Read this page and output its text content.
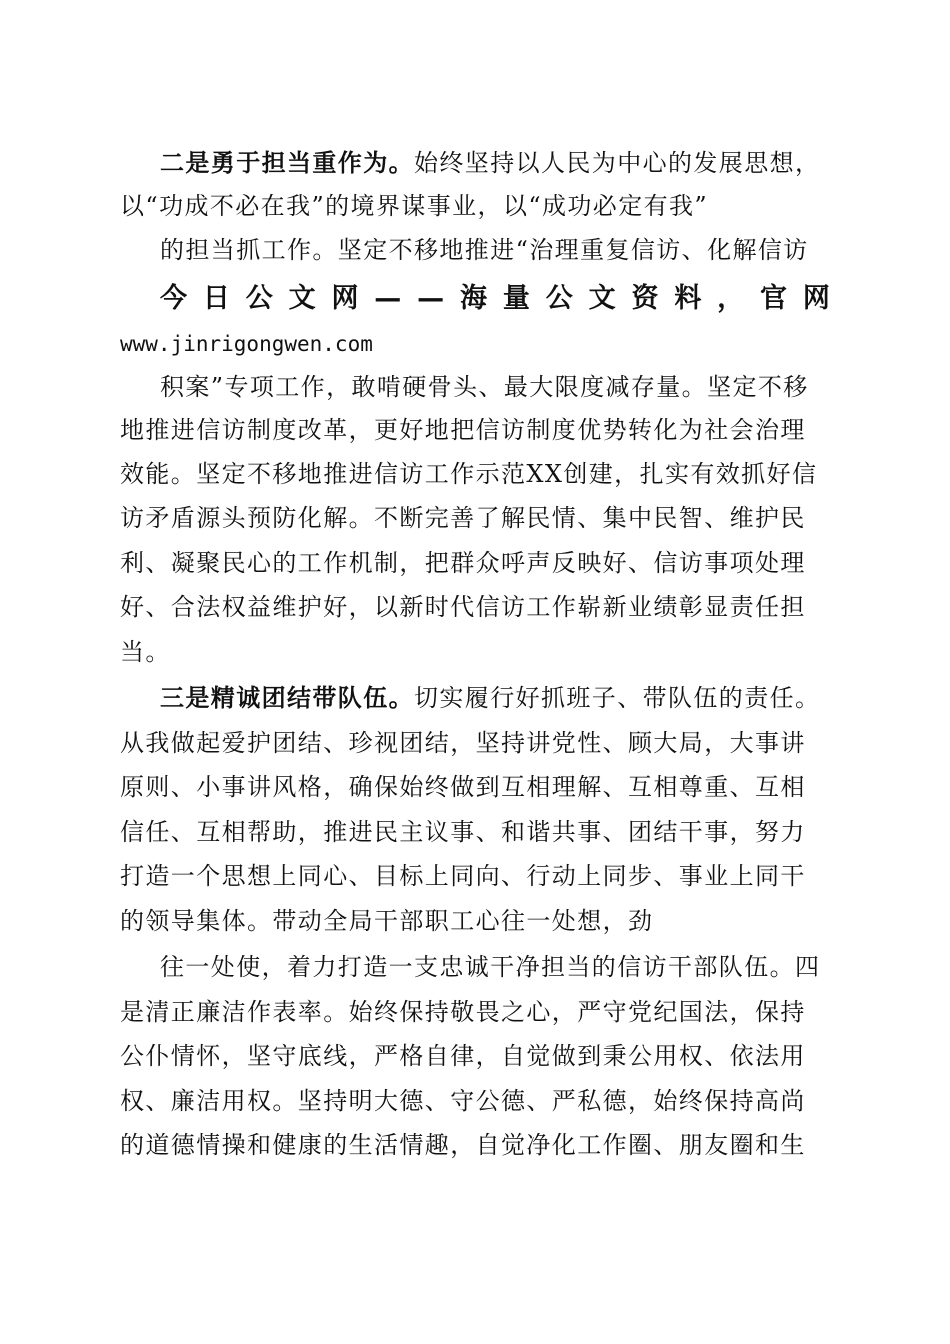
二是勇于担当重作为。始终坚持以人民为中心的发展思想，
以“功成不必在我”的境界谋事业，以“成功必定有我”
的担当抓工作。坚定不移地推进“治理重复信访、化解信访
今 日 公 文 网 — — 海 量 公 文 资 料 ， 官 网
www.jinrigongwen.com
积案”专项工作，敢啃硬骨头、最大限度减存量。坚定不移
地推进信访制度改革，更好地把信访制度优势转化为社会治理
效能。坚定不移地推进信访工作示范XX创建，扎实有效抓好信
访矛盾源头预防化解。不断完善了解民情、集中民智、维护民
利、凝聚民心的工作机制，把群众呼声反映好、信访事项处理
好、合法权益维护好，以新时代信访工作崭新业绩彰显责任担
当。
三是精诚团结带队伍。切实履行好抓班子、带队伍的责任。
从我做起爱护团结、珍视团结，坚持讲党性、顾大局，大事讲
原则、小事讲风格，确保始终做到互相理解、互相尊重、互相
信任、互相帮助，推进民主议事、和谐共事、团结干事，努力
打造一个思想上同心、目标上同向、行动上同步、事业上同干
的领导集体。带动全局干部职工心往一处想，劲
往一处使，着力打造一支忠诚干净担当的信访干部队伍。四
是清正廉洁作表率。始终保持敬畏之心，严守党纪国法，保持
公仆情怀，坚守底线，严格自律，自觉做到秉公用权、依法用
权、廉洁用权。坚持明大德、守公德、严私德，始终保持高尚
的道德情操和健康的生活情趣，自觉净化工作圈、朋友圈和生
